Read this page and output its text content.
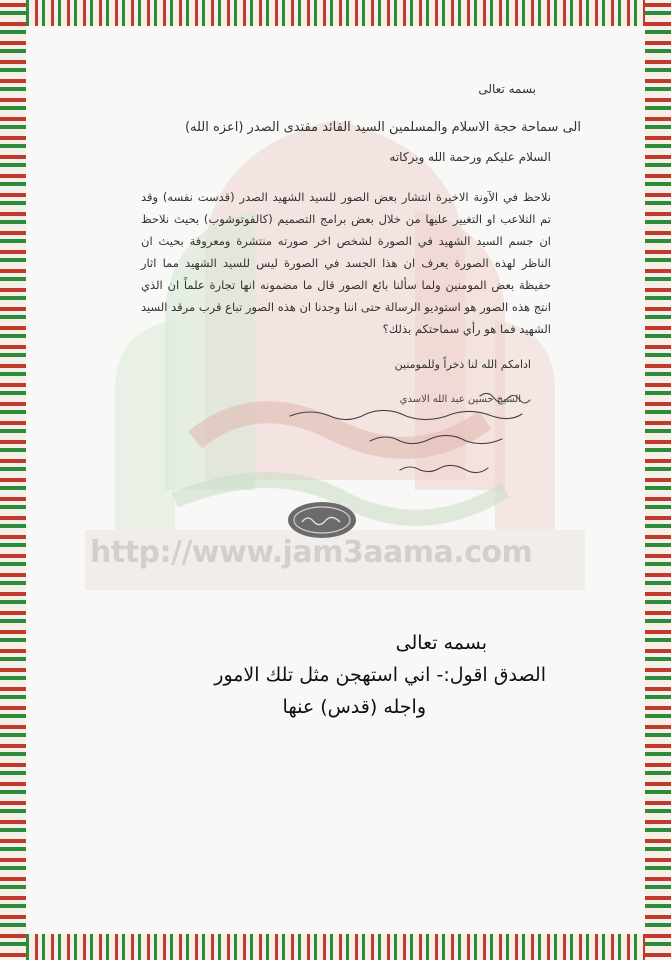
بسمه تعالى
الى سماحة حجة الاسلام والمسلمين السيد القائد مقتدى الصدر (اعزه الله)
السلام عليكم ورحمة الله وبركاته
نلاحظ في الآونة الاخيرة انتشار بعض الصور للسيد الشهيد الصدر (قدست نفسه) وقد تم التلاعب او التغيير عليها من خلال بعض برامج التصميم (كالفوتوشوب) بحيث نلاحظ ان جسم السيد الشهيد في الصورة لشخص اخر صورته منتشرة ومعروفة بحيث ان الناظر لهذه الصورة يعرف ان هذا الجسد في الصورة ليس للسيد الشهيد مما اثار حفيظة بعض المومنين ولما سألنا بائع الصور قال ما مضمونه انها تجارة علماً ان الذي انتج هذه الصور هو استوديو الرسالة حتى اننا وجدنا ان هذه الصور تباع قرب مرقد السيد الشهيد فما هو رأي سماحتكم بذلك؟
ادامكم الله لنا ذخراً وللمومنين
الشيخ حسين عبد الله الاسدي
http://www.jam3aama.com
بسمه تعالى
الصدق اقول:- اني استهجن مثل تلك الامور
واجله (قدس) عنها
